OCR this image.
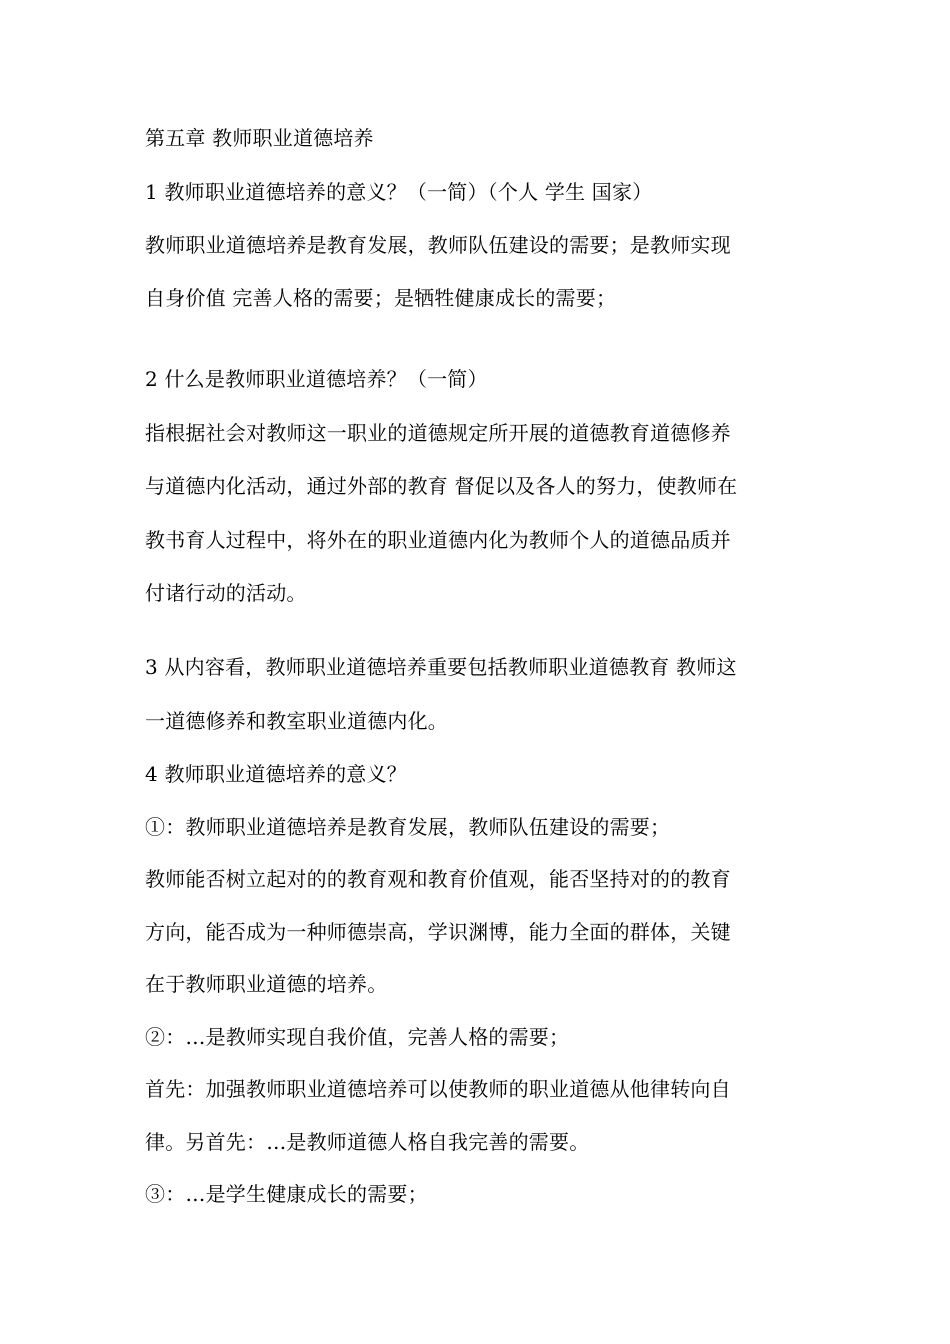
第五章 教师职业道德培养
1 教师职业道德培养的意义？（一简）（个人 学生 国家）
教师职业道德培养是教育发展，教师队伍建设的需要；是教师实现
自身价值 完善人格的需要；是牺牲健康成长的需要；
2 什么是教师职业道德培养？（一简）
指根据社会对教师这一职业的道德规定所开展的道德教育道德修养
与道德内化活动，通过外部的教育 督促以及各人的努力，使教师在
教书育人过程中，将外在的职业道德内化为教师个人的道德品质并
付诸行动的活动。
3 从内容看，教师职业道德培养重要包括教师职业道德教育 教师这
一道德修养和教室职业道德内化。
4 教师职业道德培养的意义？
①：教师职业道德培养是教育发展，教师队伍建设的需要；
教师能否树立起对的的教育观和教育价值观，能否坚持对的的教育
方向，能否成为一种师德崇高，学识渊博，能力全面的群体，关键
在于教师职业道德的培养。
②：…是教师实现自我价值，完善人格的需要；
首先：加强教师职业道德培养可以使教师的职业道德从他律转向自
律。另首先：…是教师道德人格自我完善的需要。
③：…是学生健康成长的需要；
